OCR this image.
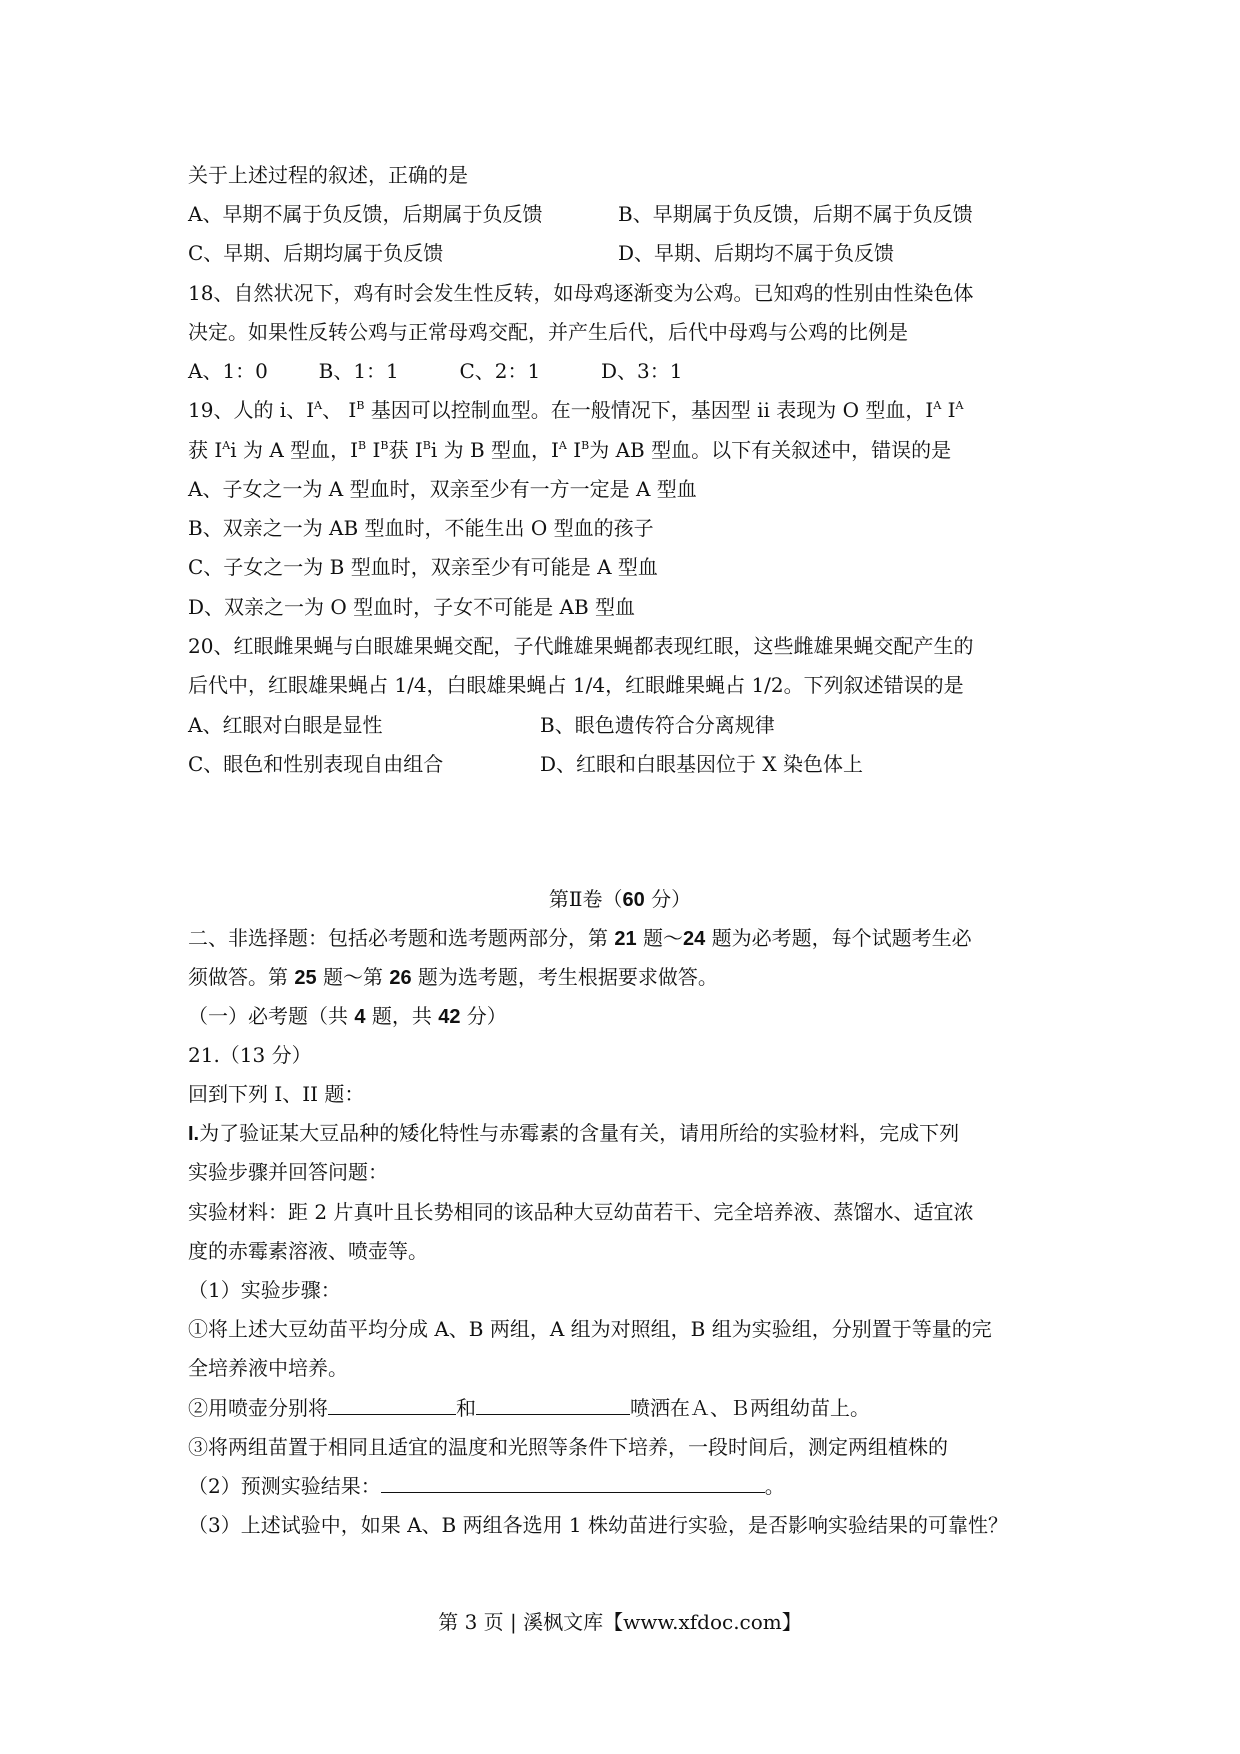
关于上述过程的叙述，正确的是
A、早期不属于负反馈，后期属于负反馈	B、早期属于负反馈，后期不属于负反馈
C、早期、后期均属于负反馈	D、早期、后期均不属于负反馈
18、自然状况下，鸡有时会发生性反转，如母鸡逐渐变为公鸡。已知鸡的性别由性染色体
决定。如果性反转公鸡与正常母鸡交配，并产生后代，后代中母鸡与公鸡的比例是
A、1：0	B、1：1	C、2：1	D、3：1
19、人的 i、$I^A$、 $I^B$ 基因可以控制血型。在一般情况下，基因型 ii 表现为 O 型血，$I^A$ $I^A$
获 $I^Ai$ 为 A 型血，$I^B$ $I^B$获 $I^Bi$ 为 B 型血，$I^A$ $I^B$为 AB 型血。以下有关叙述中，错误的是
A、子女之一为 A 型血时，双亲至少有一方一定是 A 型血
B、双亲之一为 AB 型血时，不能生出 O 型血的孩子
C、子女之一为 B 型血时，双亲至少有可能是 A 型血
D、双亲之一为 O 型血时，子女不可能是 AB 型血
20、红眼雌果蝇与白眼雄果蝇交配，子代雌雄果蝇都表现红眼，这些雌雄果蝇交配产生的
后代中，红眼雄果蝇占 1/4，白眼雄果蝇占 1/4，红眼雌果蝇占 1/2。下列叙述错误的是
A、红眼对白眼是显性	B、眼色遗传符合分离规律
C、眼色和性别表现自由组合	D、红眼和白眼基因位于 X 染色体上
第Ⅱ卷（60 分）
二、非选择题：包括必考题和选考题两部分，第 21 题～24 题为必考题，每个试题考生必
须做答。第 25 题～第 26 题为选考题，考生根据要求做答。
（一）必考题（共 4 题，共 42 分）
21.（13 分）
回到下列 I、II 题：
I.为了验证某大豆品种的矮化特性与赤霉素的含量有关，请用所给的实验材料，完成下列
实验步骤并回答问题：
实验材料：距 2 片真叶且长势相同的该品种大豆幼苗若干、完全培养液、蒸馏水、适宜浓
度的赤霉素溶液、喷壶等。
（1）实验步骤：
①将上述大豆幼苗平均分成 A、B 两组，A 组为对照组，B 组为实验组，分别置于等量的完
全培养液中培养。
②用喷壶分别将	和	喷洒在Ａ、Ｂ两组幼苗上。
③将两组苗置于相同且适宜的温度和光照等条件下培养，一段时间后，测定两组植株的
（2）预测实验结果：	。
（3）上述试验中，如果 A、B 两组各选用 1 株幼苗进行实验，是否影响实验结果的可靠性？
第 3 页 | 溪枫文库【www.xfdoc.com】
